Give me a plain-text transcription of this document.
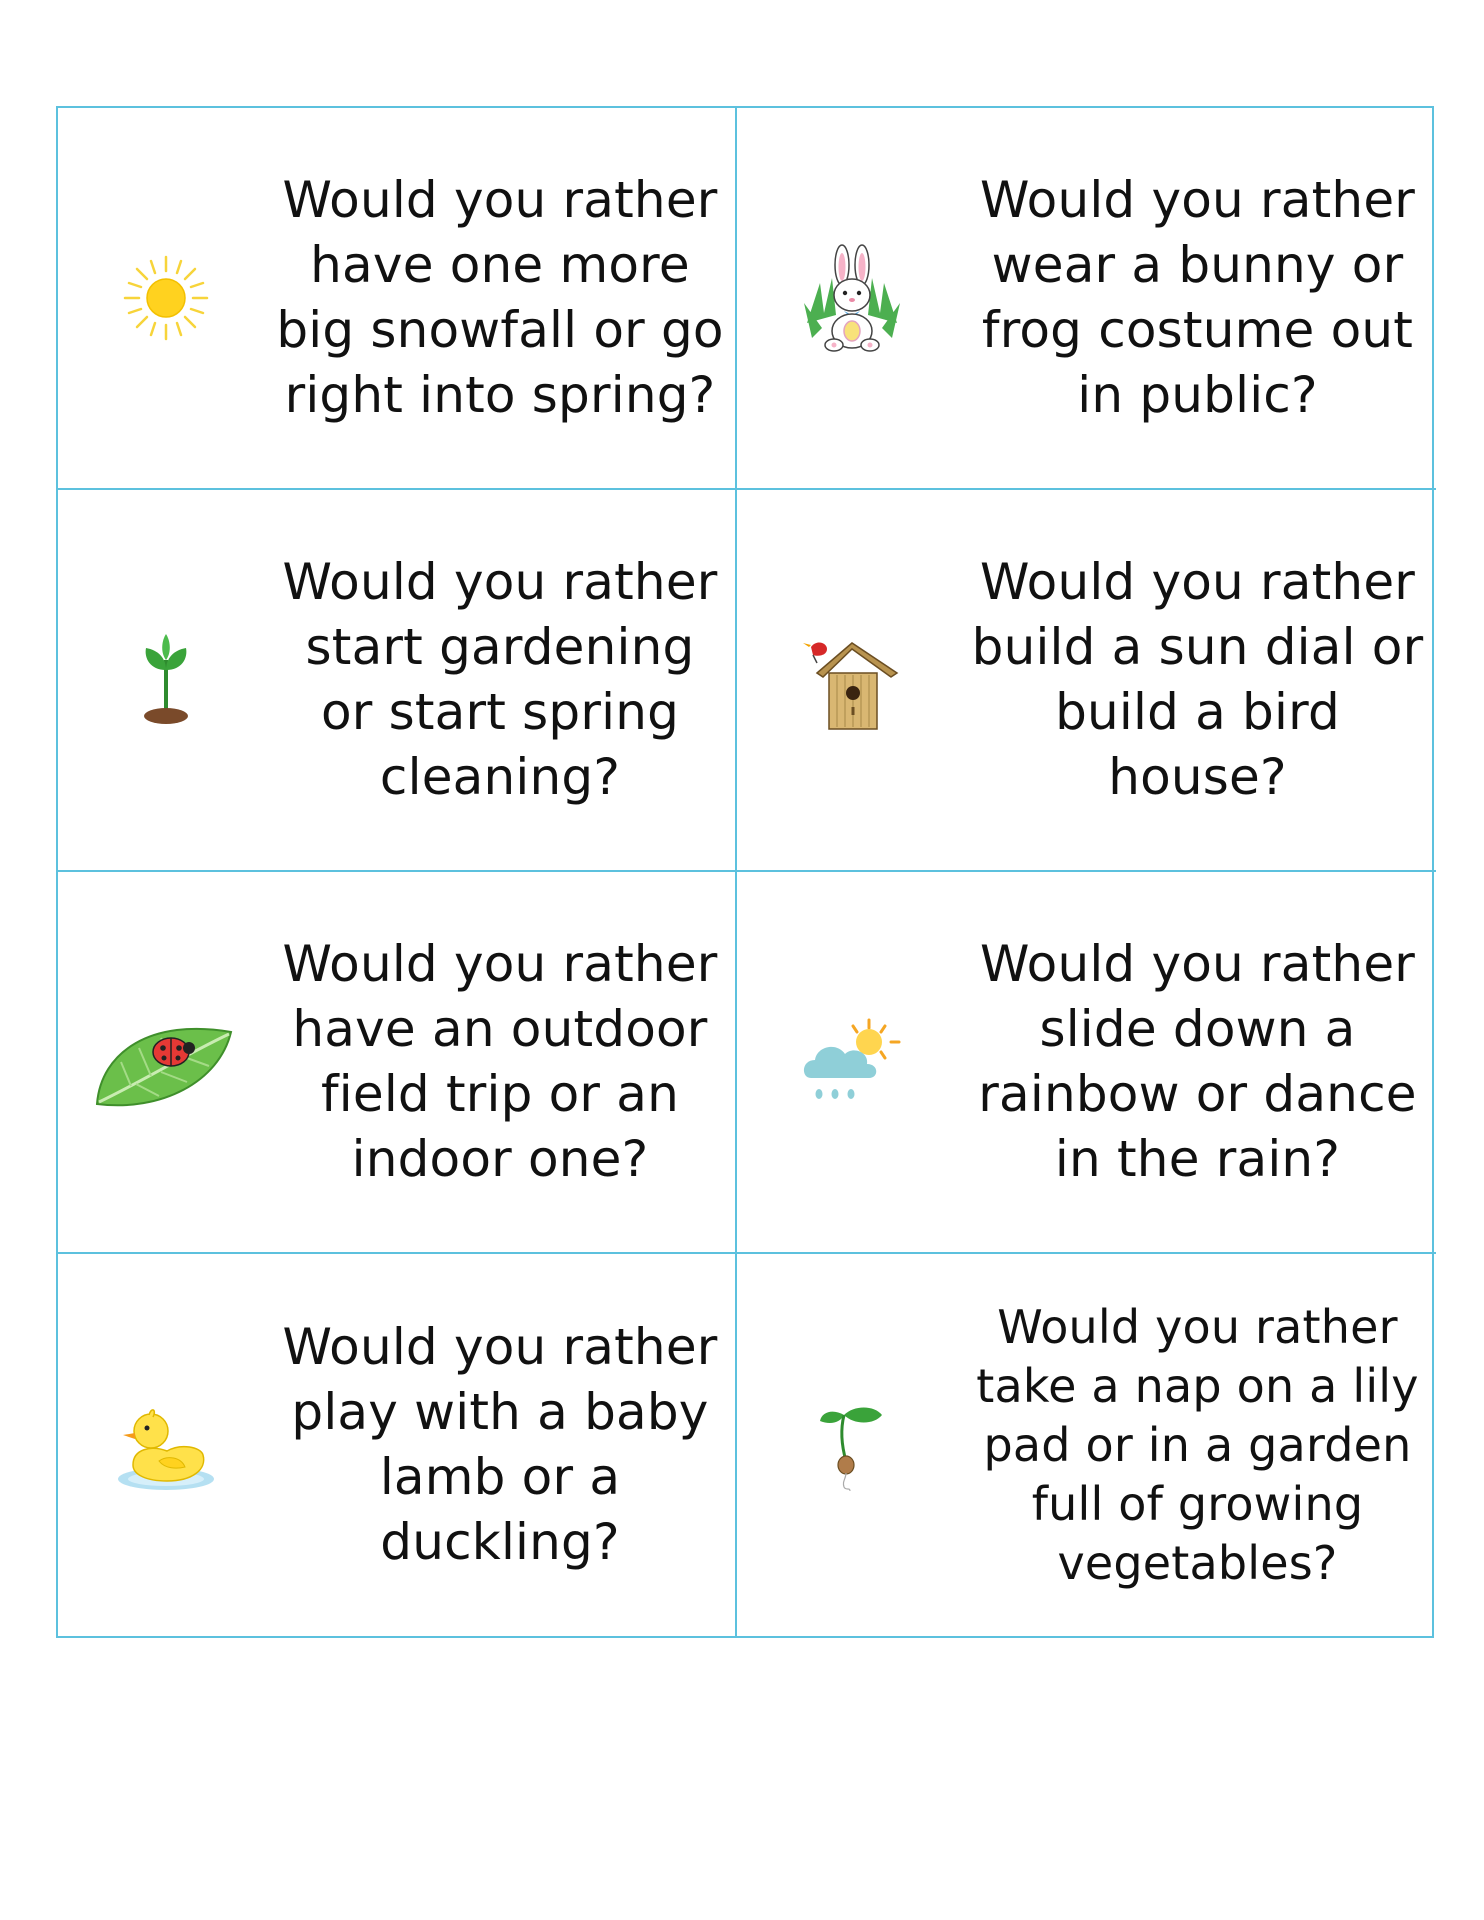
Would you rather have one more big snowfall or go right into spring?
Would you rather wear a bunny or frog costume out in public?
Would you rather start gardening or start spring cleaning?
Would you rather build a sun dial or build a bird house?
Would you rather have an outdoor field trip or an indoor one?
Would you rather slide down a rainbow or dance in the rain?
Would you rather play with a baby lamb or a duckling?
Would you rather take a nap on a lily pad or in a garden full of growing vegetables?
